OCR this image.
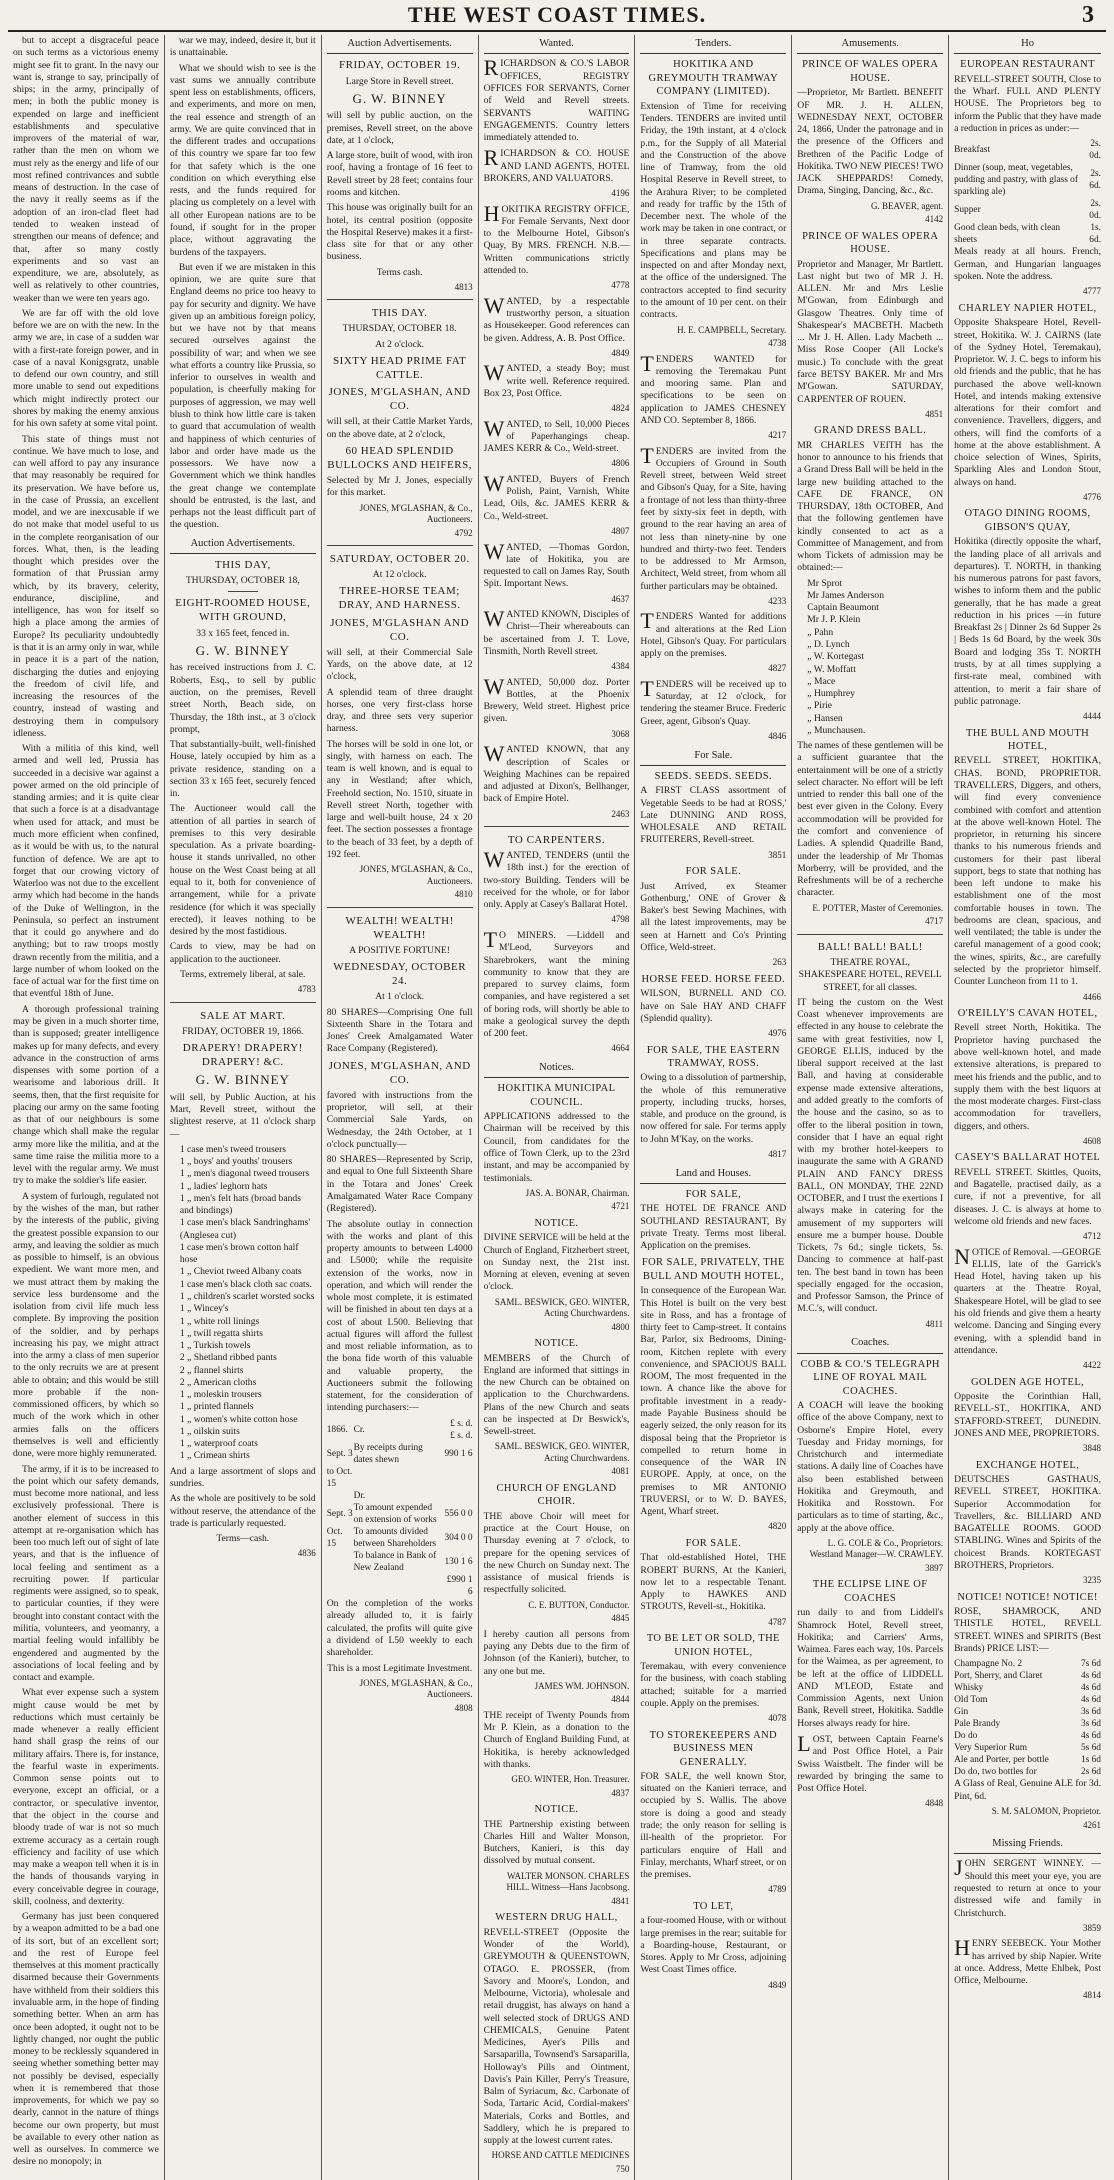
THE WEST COAST TIMES.	3

but to accept a disgraceful peace on such terms as a victorious enemy might see fit to grant. In the navy our want is, strange to say, principally of ships; in the army, principally of men; in both the public money is expended on large and inefficient establishments and speculative improvers of the material of war, rather than the men on whom we must rely as the energy and life of our most refined contrivances and subtle means of destruction. In the case of the navy it really seems as if the adoption of an iron-clad fleet had tended to weaken instead of strengthen our means of defence; and that, after so many costly experiments and so vast an expenditure, we are, absolutely, as well as relatively to other countries, weaker than we were ten years ago.

We are far off with the old love before we are on with the new. In the army we are, in case of a sudden war with a first-rate foreign power, and in case of a naval Konigsgratz, unable to defend our own country, and still more unable to send out expeditions which might indirectly protect our shores by making the enemy anxious for his own safety at some vital point.

This state of things must not continue. We have much to lose, and can well afford to pay any insurance that may reasonably be required for its preservation. We have before us, in the case of Prussia, an excellent model, and we are inexcusable if we do not make that model useful to us in the complete reorganisation of our forces. What, then, is the leading thought which presides over the formation of that Prussian army which, by its bravery, celerity, endurance, discipline, and intelligence, has won for itself so high a place among the armies of Europe? Its peculiarity undoubtedly is that it is an army only in war, while in peace it is a part of the nation, discharging the duties and enjoying the freedom of civil life, and increasing the resources of the country, instead of wasting and destroying them in compulsory idleness.

With a militia of this kind, well armed and well led, Prussia has succeeded in a decisive war against a power armed on the old principle of standing armies; and it is quite clear that such a force is at a disadvantage when used for attack, and must be much more efficient when confined, as it would be with us, to the natural function of defence. We are apt to forget that our crowing victory of Waterloo was not due to the excellent army which had become in the hands of the Duke of Wellington, in the Peninsula, so perfect an instrument that it could go anywhere and do anything; but to raw troops mostly drawn recently from the militia, and a large number of whom looked on the face of actual war for the first time on that eventful 18th of June.

A thorough professional training may be given in a much shorter time, than is supposed; greater intelligence makes up for many defects, and every advance in the construction of arms dispenses with some portion of a wearisome and laborious drill. It seems, then, that the first requisite for placing our army on the same footing as that of our neighbours is some change which shall make the regular army more like the militia, and at the same time raise the militia more to a level with the regular army. We must try to make the soldier's life easier.

A system of furlough, regulated not by the wishes of the man, but rather by the interests of the public, giving the greatest possible expansion to our army, and leaving the soldier as much as possible to himself, is an obvious expedient. We want more men, and we must attract them by making the service less burdensome and the isolation from civil life much less complete. By improving the position of the soldier, and by perhaps increasing his pay, we might attract into the army a class of men superior to the only recruits we are at present able to obtain; and this would be still more probable if the non-commissioned officers, by which so much of the work which in other armies falls on the officers themselves is well and efficiently done, were more highly remunerated.

The army, if it is to be increased to the point which our safety demands, must become more national, and less exclusively professional. There is another element of success in this attempt at re-organisation which has been too much left out of sight of late years, and that is the influence of local feeling and sentiment as a recruiting power. If particular regiments were assigned, so to speak, to particular counties, if they were brought into constant contact with the militia, volunteers, and yeomanry, a martial feeling would infallibly be engendered and augmented by the associations of local feeling and by contact and example.

What ever expense such a system might cause would be met by reductions which must certainly be made whenever a really efficient hand shall grasp the reins of our military affairs. There is, for instance, the fearful waste in experiments. Common sense points out to everyone, except an official, or a contractor, or speculative inventor, that the object in the course and bloody trade of war is not so much extreme accuracy as a certain rough efficiency and facility of use which may make a weapon tell when it is in the hands of thousands varying in every conceivable degree in courage, skill, coolness, and dexterity.

Germany has just been conquered by a weapon admitted to be a bad one of its sort, but of an excellent sort; and the rest of Europe feel themselves at this moment practically disarmed because their Governments have withheld from their soldiers this invaluable arm, in the hope of finding something better. When an arm has once been adopted, it ought not to be lightly changed, nor ought the public money to be recklessly squandered in seeing whether something better may not possibly be devised, especially when it is remembered that those improvements, for which we pay so dearly, cannot in the nature of things become our own property, but must be available to every other nation as well as ourselves. In commerce we desire no monopoly; in

war we may, indeed, desire it, but it is unattainable.

What we should wish to see is the vast sums we annually contribute spent less on establishments, officers, and experiments, and more on men, the real essence and strength of an army. We are quite convinced that in the different trades and occupations of this country we spare far too few for that safety which is the one condition on which everything else rests, and the funds required for placing us completely on a level with all other European nations are to be found, if sought for in the proper place, without aggravating the burdens of the taxpayers.

But even if we are mistaken in this opinion, we are quite sure that England deems no price too heavy to pay for security and dignity. We have given up an ambitious foreign policy, but we have not by that means secured ourselves against the possibility of war; and when we see what efforts a country like Prussia, so inferior to ourselves in wealth and population, is cheerfully making for purposes of aggression, we may well blush to think how little care is taken to guard that accumulation of wealth and happiness of which centuries of labor and order have made us the possessors. We have now a Government which we think handles the great change we contemplate should be entrusted, is the last, and perhaps not the least difficult part of the question.

Auction Advertisements.

THIS DAY,

THURSDAY, OCTOBER 18,

EIGHT-ROOMED HOUSE, WITH GROUND,

33 x 165 feet, fenced in.

G. W. BINNEY

has received instructions from J. C. Roberts, Esq., to sell by public auction, on the premises, Revell street North, Beach side, on Thursday, the 18th inst., at 3 o'clock prompt,

That substantially-built, well-finished House, lately occupied by him as a private residence, standing on a section 33 x 165 feet, securely fenced in.

The Auctioneer would call the attention of all parties in search of premises to this very desirable speculation. As a private boarding-house it stands unrivalled, no other house on the West Coast being at all equal to it, both for convenience of arrangement, while for a private residence (for which it was specially erected), it leaves nothing to be desired by the most fastidious.

Cards to view, may be had on application to the auctioneer.

Terms, extremely liberal, at sale.

4783

SALE AT MART.

FRIDAY, OCTOBER 19, 1866.

DRAPERY! DRAPERY! DRAPERY! &C.

G. W. BINNEY

will sell, by Public Auction, at his Mart, Revell street, without the slightest reserve, at 11 o'clock sharp—

1 case men's tweed trousers
1 „ boys' and youths' trousers
1 „ men's diagonal tweed trousers
1 „ ladies' leghorn hats
1 „ men's felt hats (broad bands and bindings)
1 case men's black Sandringhams' (Anglesea cut)
1 case men's brown cotton half hose
1 „ Cheviot tweed Albany coats
1 case men's black cloth sac coats.
1 „ children's scarlet worsted socks
1 „ Wincey's
1 „ white roll linings
1 „ twill regatta shirts
1 „ Turkish towels
2 „ Shetland ribbed pants
2 „ flannel shirts
2 „ American cloths
1 „ moleskin trousers
1 „ printed flannels
1 „ women's white cotton hose
1 „ oilskin suits
1 „ waterproof coats
1 „ Crimean shirts

And a large assortment of slops and sundries.

As the whole are positively to be sold without reserve, the attendance of the trade is particularly requested.

Terms—cash.

4836
Auction Advertisements.

FRIDAY, OCTOBER 19.

Large Store in Revell street.

G. W. BINNEY

will sell by public auction, on the premises, Revell street, on the above date, at 1 o'clock,

A large store, built of wood, with iron roof, having a frontage of 16 feet to Revell street by 28 feet; contains four rooms and kitchen.

This house was originally built for an hotel, its central position (opposite the Hospital Reserve) makes it a first-class site for that or any other business.

Terms cash.

4813

THIS DAY.

THURSDAY, OCTOBER 18.

At 2 o'clock.

SIXTY HEAD PRIME FAT CATTLE.

JONES, M'GLASHAN, AND CO.

will sell, at their Cattle Market Yards, on the above date, at 2 o'clock,

60 HEAD SPLENDID BULLOCKS AND HEIFERS,

Selected by Mr J. Jones, especially for this market.

JONES, M'GLASHAN, & Co., Auctioneers.

4792

SATURDAY, OCTOBER 20.

At 12 o'clock.

THREE-HORSE TEAM; DRAY, AND HARNESS.

JONES, M'GLASHAN AND CO.

will sell, at their Commercial Sale Yards, on the above date, at 12 o'clock,

A splendid team of three draught horses, one very first-class horse dray, and three sets very superior harness.

The horses will be sold in one lot, or singly, with harness on each. The team is well known, and is equal to any in Westland; after which, Freehold section, No. 1510, situate in Revell street North, together with large and well-built house, 24 x 20 feet. The section possesses a frontage to the beach of 33 feet, by a depth of 192 feet.

JONES, M'GLASHAN, & Co., Auctioneers.

4810

WEALTH! WEALTH! WEALTH!

A POSITIVE FORTUNE!

WEDNESDAY, OCTOBER 24.

At 1 o'clock.

80 SHARES—Comprising One full Sixteenth Share in the Totara and Jones' Creek Amalgamated Water Race Company (Registered).

JONES, M'GLASHAN, AND CO.

favored with instructions from the proprietor, will sell, at their Commercial Sale Yards, on Wednesday, the 24th October, at 1 o'clock punctually—

80 SHARES—Represented by Scrip, and equal to One full Sixteenth Share in the Totara and Jones' Creek Amalgamated Water Race Company (Registered).

The absolute outlay in connection with the works and plant of this property amounts to between L4000 and L5000; while the requisite extension of the works, now in operation, and which will render the whole most complete, it is estimated will be finished in about ten days at a cost of about L500. Believing that actual figures will afford the fullest and most reliable information, as to the bona fide worth of this valuable and valuable property, the Auctioneers submit the following statement, for the consideration of intending purchasers:—

1866.	Cr.	£ s. d. £ s. d.
Sept. 3	By receipts during dates shewn	990 1 6
to Oct. 15		
	Dr.	
Sept. 3	To amount expended on extension of works	556 0 0
Oct. 15	To amounts divided between Shareholders	304 0 0
	To balance in Bank of New Zealand	130 1 6
		£990 1 6

On the completion of the works already alluded to, it is fairly calculated, the profits will quite give a dividend of L50 weekly to each shareholder.

This is a most Legitimate Investment.

JONES, M'GLASHAN, & Co., Auctioneers.

4808
Wanted.

RICHARDSON & CO.'S LABOR OFFICES,	REGISTRY OFFICES FOR SERVANTS, Corner of Weld and Revell streets. SERVANTS WAITING ENGAGEMENTS. Country letters immediately attended to.

RICHARDSON & CO. HOUSE AND LAND AGENTS, HOTEL BROKERS, AND VALUATORS.

4196

HOKITIKA REGISTRY OFFICE, For Female Servants, Next door to the Melbourne Hotel, Gibson's Quay, By MRS. FRENCH. N.B.—Written communications strictly attended to.

4778

WANTED, by a respectable trustworthy person, a situation as Housekeeper. Good references can be given. Address, A. B. Post Office.

4849

WANTED, a steady Boy; must write well. Reference required. Box 23, Post Office.

4824

WANTED, to Sell, 10,000 Pieces of Paperhangings cheap. JAMES KERR & Co., Weld-street.

4806

WANTED, Buyers of French Polish, Paint, Varnish, White Lead, Oils, &c. JAMES KERR & Co., Weld-street.

4807

WANTED, —Thomas Gordon, late of Hokitika, you are requested to call on James Ray, South Spit. Important News.

4637

WANTED KNOWN, Disciples of Christ—Their whereabouts can be ascertained from J. T. Love, Tinsmith, North Revell street.

4384

WANTED, 50,000 doz. Porter Bottles, at the Phoenix Brewery, Weld street. Highest price given.

3068

WANTED KNOWN, that any description of Scales or Weighing Machines can be repaired and adjusted at Dixon's, Bellhanger, back of Empire Hotel.

2463

TO CARPENTERS.

WANTED, TENDERS (until the 18th inst.) for the erection of two-story Building. Tenders will be received for the whole, or for labor only. Apply at Casey's Ballarat Hotel.

4798

TO MINERS. —Liddell and M'Leod, Surveyors and Sharebrokers, want the mining community to know that they are prepared to survey claims, form companies, and have registered a set of boring rods, will shortly be able to make a geological survey the depth of 200 feet.

4664
Notices.
HOKITIKA MUNICIPAL COUNCIL.

APPLICATIONS addressed to the Chairman will be received by this Council, from candidates for the office of Town Clerk, up to the 23rd instant, and may be accompanied by testimonials.

JAS. A. BONAR, Chairman.

4721
NOTICE.

DIVINE SERVICE will be held at the Church of England, Fitzherbert street, on Sunday next, the 21st inst. Morning at eleven, evening at seven o'clock.

SAML. BESWICK, GEO. WINTER, Acting Churchwardens.

4800
NOTICE.

MEMBERS of the Church of England are informed that sittings in the new Church can be obtained on application to the Churchwardens. Plans of the new Church and seats can be inspected at Dr Beswick's, Sewell-street.

SAML. BESWICK, GEO. WINTER, Acting Churchwardens.

4081
CHURCH OF ENGLAND CHOIR.

THE above Choir will meet for practice at the Court House, on Thursday evening at 7 o'clock, to prepare for the opening services of the new Church on Sunday next. The assistance of musical friends is respectfully solicited.

C. E. BUTTON, Conductor.

4845

I hereby caution all persons from paying any Debts due to the firm of Johnson (of the Kanieri), butcher, to any one but me.

JAMES WM. JOHNSON.

4844

THE receipt of Twenty Pounds from Mr P. Klein, as a donation to the Church of England Building Fund, at Hokitika, is hereby acknowledged with thanks.

GEO. WINTER, Hon. Treasurer.

4837
NOTICE.

THE Partnership existing between Charles Hill and Walter Monson, Butchers, Kanieri, is this day dissolved by mutual consent.

WALTER MONSON. CHARLES HILL. Witness—Hans Jacobsong.

4841
WESTERN DRUG HALL,

REVELL-STREET (Opposite the Wonder of the World), GREYMOUTH & QUEENSTOWN, OTAGO. E. PROSSER, (from Savory and Moore's, London, and Melbourne, Victoria), wholesale and retail druggist, has always on hand a well selected stock of DRUGS AND CHEMICALS, Genuine Patent Medicines, Ayer's Pills and Sarsaparilla, Townsend's Sarsaparilla, Holloway's Pills and Ointment, Davis's Pain Killer, Perry's Treasure, Balm of Syriacum, &c. Carbonate of Soda, Tartaric Acid, Cordial-makers' Materials, Corks and Bottles, and Saddlery, which he is prepared to supply at the lowest current rates.

HORSE AND CATTLE MEDICINES

750
Tenders.
HOKITIKA AND GREYMOUTH TRAMWAY COMPANY (LIMITED).

Extension of Time for receiving Tenders. TENDERS are invited until Friday, the 19th instant, at 4 o'clock p.m., for the Supply of all Material and the Construction of the above line of Tramway, from the old Hospital Reserve in Revell street, to the Arahura River; to be completed and ready for traffic by the 15th of December next. The whole of the work may be taken in one contract, or in three separate contracts. Specifications and plans may be inspected on and after Monday next, at the office of the undersigned. The contractors accepted to find security to the amount of 10 per cent. on their contracts.

H. E. CAMPBELL, Secretary.

4738

TENDERS WANTED for removing the Teremakau Punt and mooring same. Plan and specifications to be seen on application to JAMES CHESNEY AND CO. September 8, 1866.

4217

TENDERS are invited from the Occupiers of Ground in South Revell street, between Weld street and Gibson's Quay, for a Site, having a frontage of not less than thirty-three feet by sixty-six feet in depth, with ground to the rear having an area of not less than ninety-nine by one hundred and thirty-two feet. Tenders to be addressed to Mr Armson, Architect, Weld street, from whom all further particulars may be obtained.

4233

TENDERS Wanted for additions and alterations at the Red Lion Hotel, Gibson's Quay. For particulars apply on the premises.

4827

TENDERS will be received up to Saturday, at 12 o'clock, for tendering the steamer Bruce. Frederic Greer, agent, Gibson's Quay.

4846
For Sale.
SEEDS. SEEDS. SEEDS.

A FIRST CLASS assortment of Vegetable Seeds to be had at ROSS,' Late DUNNING AND ROSS, WHOLESALE AND RETAIL FRUITERERS, Revell-street.

3851
FOR SALE.

Just Arrived, ex Steamer Gothenburg,' ONE of Grover & Baker's best Sewing Machines, with all the latest improvements, may be seen at Harnett and Co's Printing Office, Weld-street.

263
HORSE FEED. HORSE FEED.

WILSON, BURNELL AND CO. have on Sale HAY AND CHAFF (Splendid quality).

4976
FOR SALE, THE EASTERN TRAMWAY, ROSS.

Owing to a dissolution of partnership, the whole of this remunerative property, including trucks, horses, stable, and produce on the ground, is now offered for sale. For terms apply to John M'Kay, on the works.

4817
Land and Houses.
FOR SALE,

THE HOTEL DE FRANCE AND SOUTHLAND RESTAURANT, By private Treaty. Terms most liberal. Application on the premises.

FOR SALE, PRIVATELY, THE BULL AND MOUTH HOTEL,

In consequence of the European War. This Hotel is built on the very best site in Ross, and has a frontage of thirty feet to Camp-street. It contains Bar, Parlor, six Bedrooms, Dining-room, Kitchen replete with every convenience, and SPACIOUS BALL ROOM, The most frequented in the town. A chance like the above for profitable investment in a ready-made Payable Business should be eagerly seized, the only reason for its disposal being that the Proprietor is compelled to return home in consequence of the WAR IN EUROPE. Apply, at once, on the premises to MR ANTONIO TRUVERSI, or to W. D. BAYES, Agent, Wharf street.

4820
FOR SALE.

That old-established Hotel, THE ROBERT BURNS, At the Kanieri, now let to a respectable Tenant. Apply to HAWKES AND STROUTS, Revell-st., Hokitika.

4787
TO BE LET OR SOLD, THE UNION HOTEL,

Teremakau, with every convenience for the business, with coach stabling attached; suitable for a married couple. Apply on the premises.

4078
TO STOREKEEPERS AND BUSINESS MEN GENERALLY.

FOR SALE, the well known Stor, situated on the Kanieri terrace, and occupied by S. Wallis. The above store is doing a good and steady trade; the only reason for selling is ill-health of the proprietor. For particulars enquire of Hall and Finlay, merchants, Wharf street, or on the premises.

4789
TO LET,

a four-roomed House, with or without large premises in the rear; suitable for a Boarding-house, Restaurant, or Stores. Apply to Mr Cross, adjoining West Coast Times office.

4849
Amusements.
PRINCE OF WALES OPERA HOUSE.

—Proprietor, Mr Bartlett. BENEFIT OF MR. J. H. ALLEN, WEDNESDAY NEXT, OCTOBER 24, 1866, Under the patronage and in the presence of the Officers and Brethren of the Pacific Lodge of Hokitika. TWO NEW PIECES! TWO JACK SHEPPARDS! Comedy, Drama, Singing, Dancing, &c., &c.

G. BEAVER, agent.

4142
PRINCE OF WALES OPERA HOUSE.

Proprietor and Manager, Mr Bartlett. Last night but two of MR J. H. ALLEN. Mr and Mrs Leslie M'Gowan, from Edinburgh and Glasgow Theatres. Only time of Shakespear's MACBETH. Macbeth ... Mr J. H. Allen. Lady Macbeth ... Miss Rose Cooper (All Locke's music.) To conclude with the great farce BETSY BAKER. Mr and Mrs M'Gowan. SATURDAY, CARPENTER OF ROUEN.

4851
GRAND DRESS BALL.

MR CHARLES VEITH has the honor to announce to his friends that a Grand Dress Ball will be held in the large new building attached to the CAFE DE FRANCE, ON THURSDAY, 18th OCTOBER, And that the following gentlemen have kindly consented to act as a Committee of Management, and from whom Tickets of admission may be obtained:—

Mr Sprot
Mr James Anderson
Captain Beaumont
Mr J. P. Klein
„ Pahn
„ D. Lynch
„ W. Kortegast
„ W. Moffatt
„ Mace
„ Humphrey
„ Pirie
„ Hansen
„ Munchausen.

The names of these gentlemen will be a sufficient guarantee that the entertainment will be one of a strictly select character. No effort will be left untried to render this ball one of the best ever given in the Colony. Every accommodation will be provided for the comfort and convenience of Ladies. A splendid Quadrille Band, under the leadership of Mr Thomas Morberry, will be provided, and the Refreshments will be of a recherche character.

E. POTTER, Master of Ceremonies.

4717
BALL! BALL! BALL!

THEATRE ROYAL, SHAKESPEARE HOTEL, REVELL STREET, for all classes.

IT being the custom on the West Coast whenever improvements are effected in any house to celebrate the same with great festivities, now I, GEORGE ELLIS, induced by the liberal support received at the last Ball, and having at considerable expense made extensive alterations, and added greatly to the comforts of the house and the casino, so as to offer to the liberal position in town, consider that I have an equal right with my brother hotel-keepers to inaugurate the same with A GRAND PLAIN AND FANCY DRESS BALL, ON MONDAY, THE 22ND OCTOBER, and I trust the exertions I always make in catering for the amusement of my supporters will ensure me a bumper house. Double Tickets, 7s 6d.; single tickets, 5s. Dancing to commence at half-past ten. The best band in town has been specially engaged for the occasion, and Professor Samson, the Prince of M.C.'s, will conduct.

4811
Coaches.
COBB & CO.'S TELEGRAPH LINE OF ROYAL MAIL COACHES.

A COACH will leave the booking office of the above Company, next to Osborne's Empire Hotel, every Tuesday and Friday mornings, for Christchurch and intermediate stations. A daily line of Coaches have also been established between Hokitika and Greymouth, and Hokitika and Rosstown. For particulars as to time of starting, &c., apply at the above office.

L. G. COLE & Co., Proprietors. Westland Manager—W. CRAWLEY.

3897
THE ECLIPSE LINE OF COACHES

run daily to and from Liddell's Shamrock Hotel, Revell street, Hokitika; and Carriers' Arms, Waimea. Fares each way, 10s. Parcels for the Waimea, as per agreement, to be left at the office of LIDDELL AND M'LEOD, Estate and Commission Agents, next Union Bank, Revell street, Hokitika. Saddle Horses always ready for hire.

LOST, between Captain Fearne's and Post Office Hotel, a Pair Swiss Waistbelt. The finder will be rewarded by bringing the same to Post Office Hotel.

4848
Ho
EUROPEAN RESTAURANT

REVELL-STREET SOUTH, Close to the Wharf. FULL AND PLENTY HOUSE. The Proprietors beg to inform the Public that they have made a reduction in prices as under:—

Breakfast	2s. 0d.
Dinner (soup, meat, vegetables, pudding and pastry, with glass of sparkling ale)	2s. 6d.
Supper	2s. 0d.
Good clean beds, with clean sheets	1s. 6d.

Meals ready at all hours. French, German, and Hungarian languages spoken. Note the address.

4777
CHARLEY NAPIER HOTEL,

Opposite Shakspeare Hotel, Revell-street, Hokitika. W. J. CAIRNS (late of the Sydney Hotel, Teremakau), Proprietor. W. J. C. begs to inform his old friends and the public, that he has purchased the above well-known Hotel, and intends making extensive alterations for their comfort and convenience. Travellers, diggers, and others, will find the comforts of a home at the above establishment. A choice selection of Wines, Spirits, Sparkling Ales and London Stout, always on hand.

4776
OTAGO DINING ROOMS, GIBSON'S QUAY,

Hokitika (directly opposite the wharf, the landing place of all arrivals and departures). T. NORTH, in thanking his numerous patrons for past favors, wishes to inform them and the public generally, that he has made a great reduction in his prices —in future Breakfast 2s | Dinner 2s 6d Supper 2s | Beds 1s 6d Board, by the week 30s Board and lodging 35s T. NORTH trusts, by at all times supplying a first-rate meal, combined with attention, to merit a fair share of public patronage.

4444
THE BULL AND MOUTH HOTEL,

REVELL STREET, HOKITIKA, CHAS. BOND, PROPRIETOR. TRAVELLERS, Diggers, and others, will find every convenience combined with comfort and attention at the above well-known Hotel. The proprietor, in returning his sincere thanks to his numerous friends and customers for their past liberal support, begs to state that nothing has been left undone to make his establishment one of the most comfortable houses in town. The bedrooms are clean, spacious, and well ventilated; the table is under the careful management of a good cook; the wines, spirits, &c., are carefully selected by the proprietor himself. Counter Luncheon from 11 to 1.

4466
O'REILLY'S CAVAN HOTEL,

Revell street North, Hokitika. The Proprietor having purchased the above well-known hotel, and made extensive alterations, is prepared to meet his friends and the public, and to supply them with the best liquors at the most moderate charges. First-class accommodation for travellers, diggers, and others.

4608
CASEY'S BALLARAT HOTEL

REVELL STREET. Skittles, Quoits, and Bagatelle, practised daily, as a cure, if not a preventive, for all diseases. J. C. is always at home to welcome old friends and new faces.

4712

NOTICE of Removal. —GEORGE ELLIS, late of the Garrick's Head Hotel, having taken up his quarters at the Theatre Royal, Shakespeare Hotel, will be glad to see his old friends and give them a hearty welcome. Dancing and Singing every evening, with a splendid band in attendance.

4422
GOLDEN AGE HOTEL,

Opposite the Corinthian Hall, REVELL-ST., HOKITIKA, AND STAFFORD-STREET, DUNEDIN. JONES AND MEE, PROPRIETORS.

3848
EXCHANGE HOTEL,

DEUTSCHES GASTHAUS, REVELL STREET, HOKITIKA. Superior Accommodation for Travellers, &c. BILLIARD AND BAGATELLE ROOMS. GOOD STABLING. Wines and Spirits of the choicest Brands. KORTEGAST BROTHERS, Proprietors.

3235
NOTICE! NOTICE! NOTICE!

ROSE, SHAMROCK, AND THISTLE HOTEL, REVELL STREET. WINES and SPIRITS (Best Brands) PRICE LIST:—

Champagne No. 2	7s 6d
Port, Sherry, and Claret	4s 6d
Whisky	4s 6d
Old Tom	4s 6d
Gin	3s 6d
Pale Brandy	3s 6d
Do do	4s 6d
Very Superior Rum	5s 6d
Ale and Porter, per bottle	1s 6d
Do do, two bottles for	2s 6d

A Glass of Real, Genuine ALE for 3d. Pint, 6d.

S. M. SALOMON, Proprietor.

4261
Missing Friends.

JOHN SERGENT WINNEY. —Should this meet your eye, you are requested to return at once to your distressed wife and family in Christchurch.

3859

HENRY SEEBECK. Your Mother has arrived by ship Napier. Write at once. Address, Mette Ehlbek, Post Office, Melbourne.

4814
